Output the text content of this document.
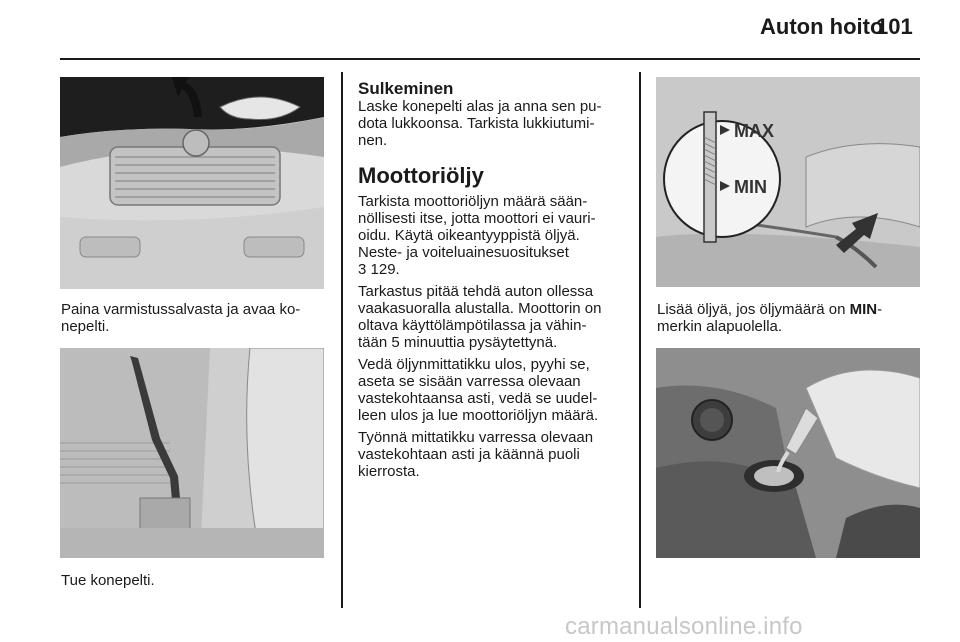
Auton hoito
101
Paina varmistussalvasta ja avaa ko-
nepelti.
Tue konepelti.
Sulkeminen
Laske konepelti alas ja anna sen pu-
dota lukkoonsa. Tarkista lukkiutumi-
nen.
Moottoriöljy

Tarkista moottoriöljyn määrä sään-
nöllisesti itse, jotta moottori ei vauri-
oidu. Käytä oikeantyyppistä öljyä.
Neste- ja voiteluainesuositukset
3 129.

Tarkastus pitää tehdä auton ollessa
vaakasuoralla alustalla. Moottorin on
oltava käyttölämpötilassa ja vähin-
tään 5 minuuttia pysäytettynä.

Vedä öljynmittatikku ulos, pyyhi se,
aseta se sisään varressa olevaan
vastekohtaansa asti, vedä se uudel-
leen ulos ja lue moottoriöljyn määrä.

Työnnä mittatikku varressa olevaan
vastekohtaan asti ja käännä puoli
kierrosta.

MAX
MIN
Lisää öljyä, jos öljymäärä on MIN-
merkin alapuolella.
carmanualsonline.info
